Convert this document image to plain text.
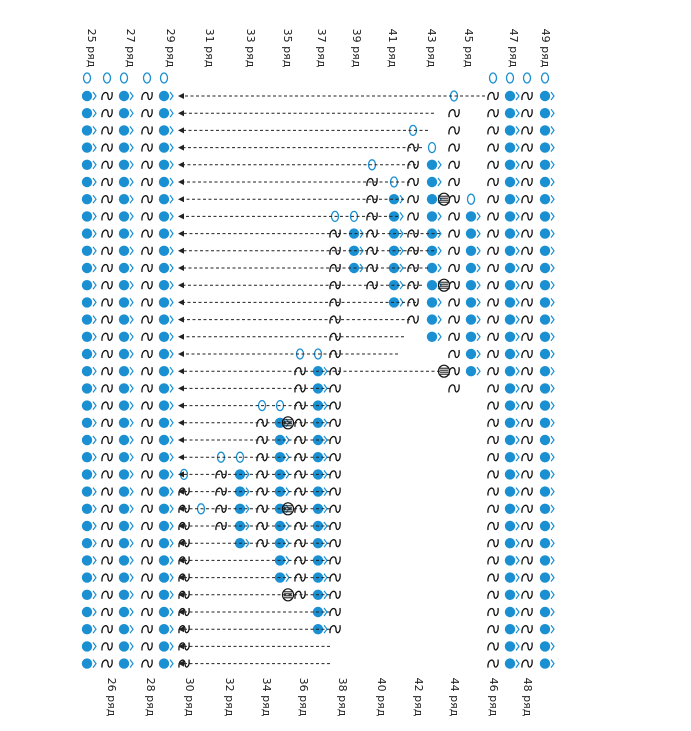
49 ряд
47 ряд
45 ряд
43 ряд
41 ряд
39 ряд
37 ряд
35 ряд
33 ряд
31 ряд
29 ряд
27 ряд
25 ряд
48 ряд
46 ряд
44 ряд
42 ряд
40 ряд
38 ряд
36 ряд
34 ряд
32 ряд
30 ряд
28 ряд
26 ряд
